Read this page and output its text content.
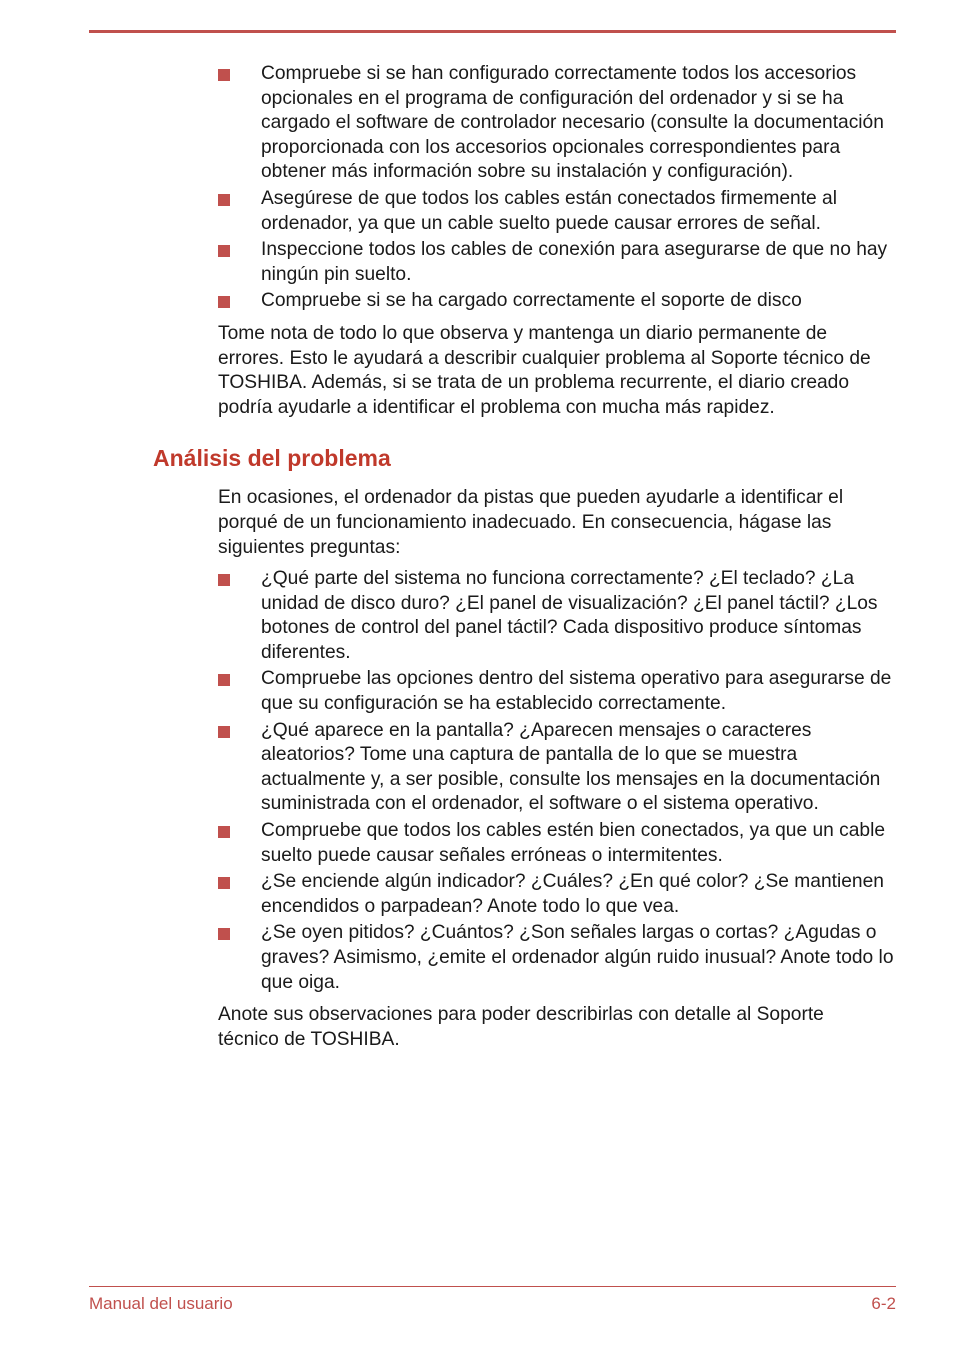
Compruebe si se han configurado correctamente todos los accesorios opcionales en el programa de configuración del ordenador y si se ha cargado el software de controlador necesario (consulte la documentación proporcionada con los accesorios opcionales correspondientes para obtener más información sobre su instalación y configuración).
Asegúrese de que todos los cables están conectados firmemente al ordenador, ya que un cable suelto puede causar errores de señal.
Inspeccione todos los cables de conexión para asegurarse de que no hay ningún pin suelto.
Compruebe si se ha cargado correctamente el soporte de disco

Tome nota de todo lo que observa y mantenga un diario permanente de errores. Esto le ayudará a describir cualquier problema al Soporte técnico de TOSHIBA. Además, si se trata de un problema recurrente, el diario creado podría ayudarle a identificar el problema con mucha más rapidez.

Análisis del problema

En ocasiones, el ordenador da pistas que pueden ayudarle a identificar el porqué de un funcionamiento inadecuado. En consecuencia, hágase las siguientes preguntas:

¿Qué parte del sistema no funciona correctamente? ¿El teclado? ¿La unidad de disco duro? ¿El panel de visualización? ¿El panel táctil? ¿Los botones de control del panel táctil? Cada dispositivo produce síntomas diferentes.
Compruebe las opciones dentro del sistema operativo para asegurarse de que su configuración se ha establecido correctamente.
¿Qué aparece en la pantalla? ¿Aparecen mensajes o caracteres aleatorios? Tome una captura de pantalla de lo que se muestra actualmente y, a ser posible, consulte los mensajes en la documentación suministrada con el ordenador, el software o el sistema operativo.
Compruebe que todos los cables estén bien conectados, ya que un cable suelto puede causar señales erróneas o intermitentes.
¿Se enciende algún indicador? ¿Cuáles? ¿En qué color? ¿Se mantienen encendidos o parpadean? Anote todo lo que vea.
¿Se oyen pitidos? ¿Cuántos? ¿Son señales largas o cortas? ¿Agudas o graves? Asimismo, ¿emite el ordenador algún ruido inusual? Anote todo lo que oiga.

Anote sus observaciones para poder describirlas con detalle al Soporte técnico de TOSHIBA.

Manual del usuario	6-2
